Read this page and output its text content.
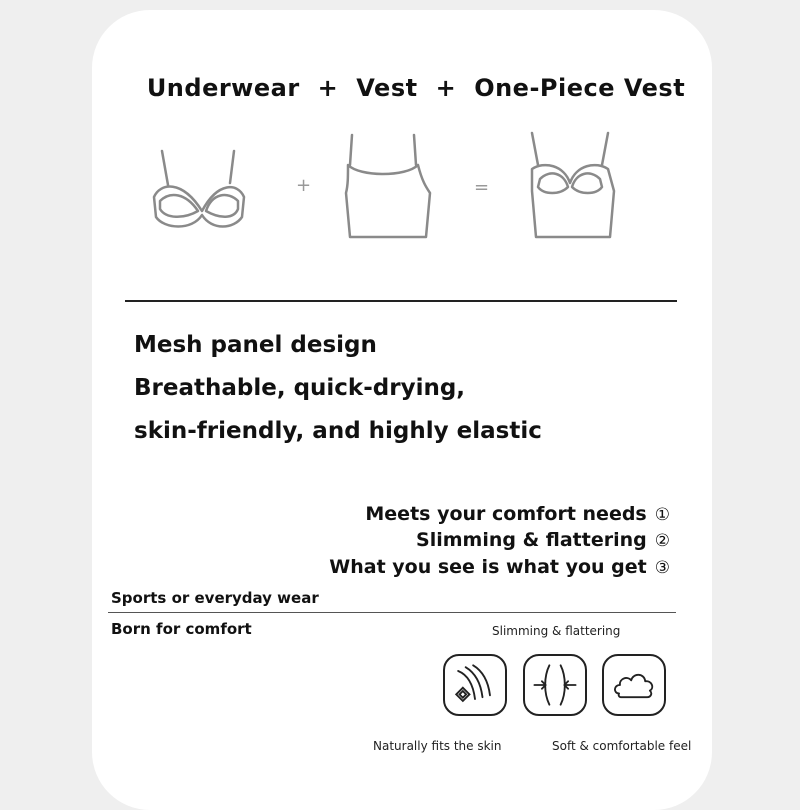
Underwear + Vest + One-Piece Vest
+	=
Mesh panel design
Breathable, quick-drying,
skin-friendly, and highly elastic
Meets your comfort needs ①
Slimming & flattering ②
What you see is what you get ③
Sports or everyday wear
Born for comfort	Slimming & flattering
Naturally fits the skin	Soft & comfortable feel
